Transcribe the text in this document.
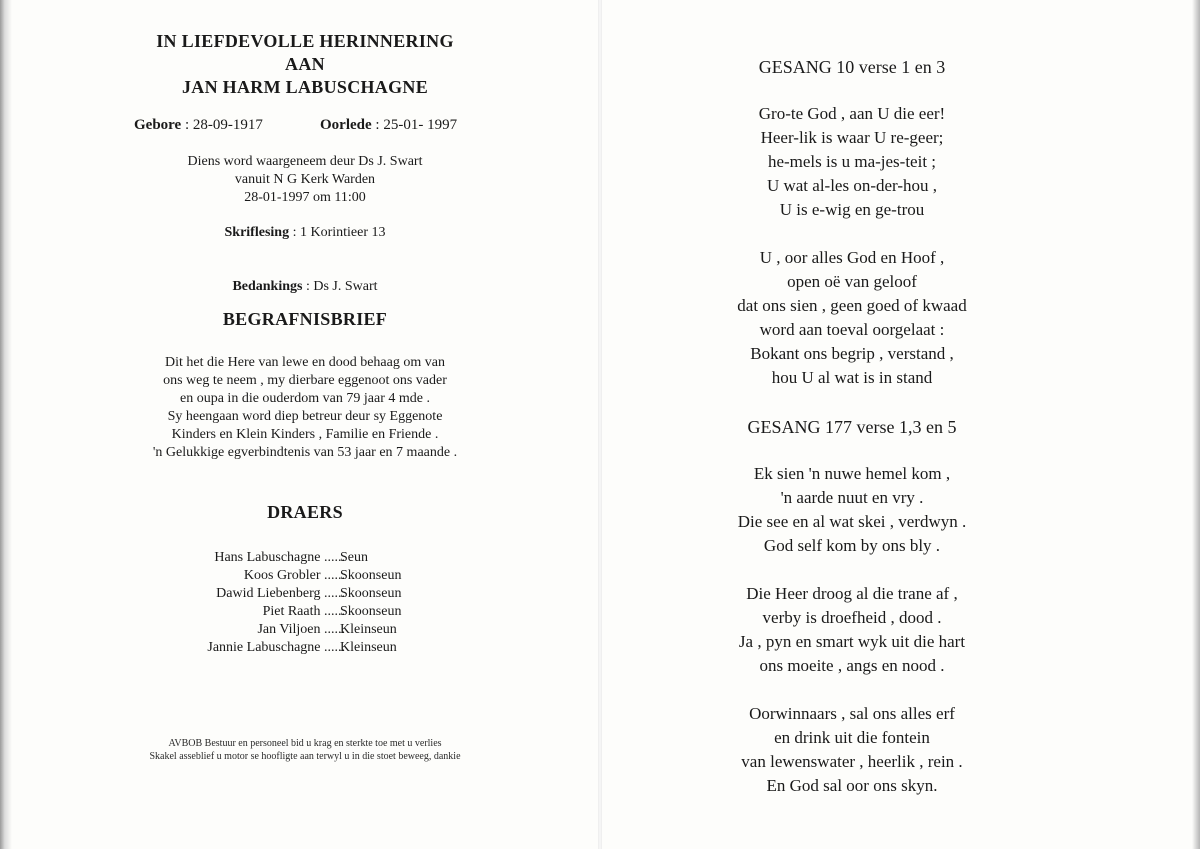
IN LIEFDEVOLLE HERINNERING
AAN
JAN HARM LABUSCHAGNE
Gebore : 28-09-1917	Oorlede : 25-01- 1997
Diens word waargeneem deur Ds J. Swart
vanuit N G Kerk Warden
28-01-1997 om 11:00
Skriflesing : 1 Korintieer 13
Bedankings : Ds J. Swart
BEGRAFNISBRIEF
Dit het die Here van lewe en dood behaag om van
ons weg te neem , my dierbare eggenoot ons vader
en oupa in die ouderdom van 79 jaar 4 mde .
Sy heengaan word diep betreur deur sy Eggenote
Kinders en Klein Kinders , Familie en Friende .
'n Gelukkige egverbindtenis van 53 jaar en 7 maande .
DRAERS
Hans Labuschagne ......
Seun
Koos Grobler ......
Skoonseun
Dawid Liebenberg ......
Skoonseun
Piet Raath ......
Skoonseun
Jan Viljoen ......
Kleinseun
Jannie Labuschagne ......
Kleinseun
AVBOB Bestuur en personeel bid u krag en sterkte toe met u verlies
Skakel asseblief u motor se hoofligte aan terwyl u in die stoet beweeg, dankie
GESANG 10 verse 1 en 3
Gro-te God , aan U die eer!
Heer-lik is waar U re-geer;
he-mels is u ma-jes-teit ;
U wat al-les on-der-hou ,
U is e-wig en ge-trou
U , oor alles God en Hoof ,
open oë van geloof
dat ons sien , geen goed of kwaad
word aan toeval oorgelaat :
Bokant ons begrip , verstand ,
hou U al wat is in stand
GESANG 177 verse 1,3 en 5
Ek sien 'n nuwe hemel kom ,
'n aarde nuut en vry .
Die see en al wat skei , verdwyn .
God self kom by ons bly .
Die Heer droog al die trane af ,
verby is droefheid , dood .
Ja , pyn en smart wyk uit die hart
ons moeite , angs en nood .
Oorwinnaars , sal ons alles erf
en drink uit die fontein
van lewenswater , heerlik , rein .
En God sal oor ons skyn.
